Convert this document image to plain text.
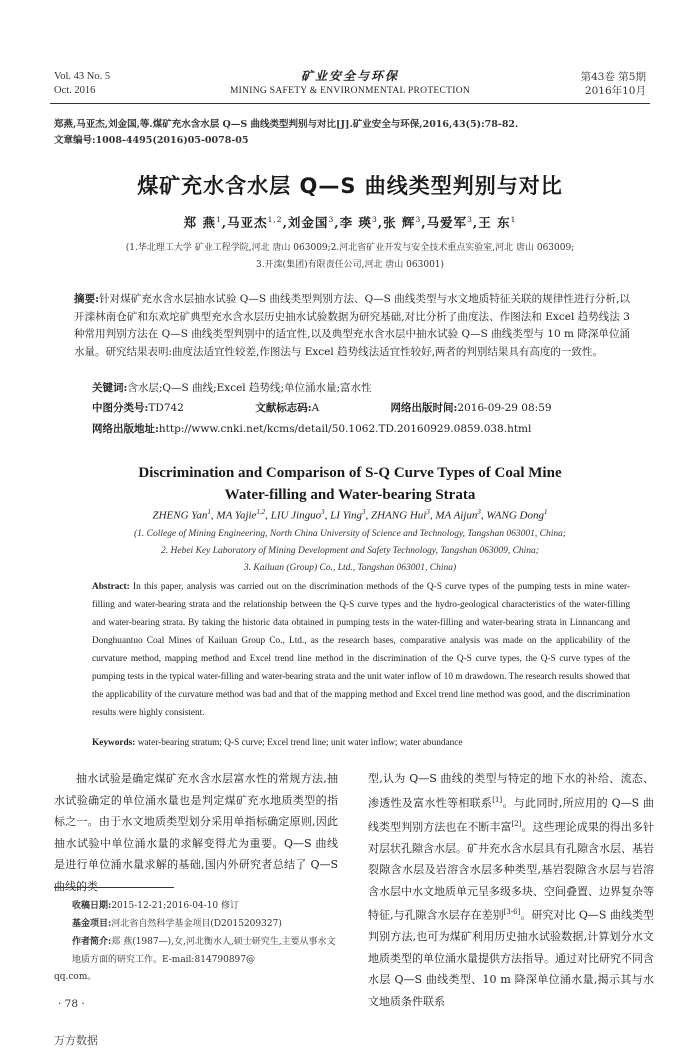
Vol. 43 No. 5
Oct. 2016
矿业安全与环保
MINING SAFETY & ENVIRONMENTAL PROTECTION
第43卷 第5期
2016年10月
郑燕,马亚杰,刘金国,等.煤矿充水含水层 Q—S 曲线类型判别与对比[J].矿业安全与环保,2016,43(5):78-82.
文章编号:1008-4495(2016)05-0078-05
煤矿充水含水层 Q—S 曲线类型判别与对比
郑 燕$^1$,马亚杰$^{1,2}$,刘金国$^3$,李 瑛$^3$,张 辉$^3$,马爱军$^3$,王 东$^1$
(1.华北理工大学 矿业工程学院,河北 唐山 063009;2.河北省矿业开发与安全技术重点实验室,河北 唐山 063009;
3.开滦(集团)有限责任公司,河北 唐山 063001)
摘要:针对煤矿充水含水层抽水试验 Q—S 曲线类型判别方法、Q—S 曲线类型与水文地质特征关联的规律性进行分析,以开滦林南仓矿和东欢坨矿典型充水含水层历史抽水试验数据为研究基础,对比分析了曲度法、作图法和 Excel 趋势线法 3 种常用判别方法在 Q—S 曲线类型判别中的适宜性,以及典型充水含水层中抽水试验 Q—S 曲线类型与 10 m 降深单位涌水量。研究结果表明:曲度法适宜性较差,作图法与 Excel 趋势线法适宜性较好,两者的判别结果具有高度的一致性。
关键词:含水层;Q—S 曲线;Excel 趋势线;单位涌水量;富水性
中图分类号:TD742	文献标志码:A	网络出版时间:2016-09-29 08:59
网络出版地址:http://www.cnki.net/kcms/detail/50.1062.TD.20160929.0859.038.html
Discrimination and Comparison of S-Q Curve Types of Coal Mine
Water-filling and Water-bearing Strata
ZHENG Yan$^1$, MA Yajie$^{1,2}$, LIU Jinguo$^3$, LI Ying$^3$, ZHANG Hui$^3$, MA Aijun$^3$, WANG Dong$^1$
(1. College of Mining Engineering, North China University of Science and Technology, Tangshan 063001, China;
2. Hebei Key Laboratory of Mining Development and Safety Technology, Tangshan 063009, China;
3. Kailuan (Group) Co., Ltd., Tangshan 063001, China)
Abstract: In this paper, analysis was carried out on the discrimination methods of the Q-S curve types of the pumping tests in mine water-filling and water-bearing strata and the relationship between the Q-S curve types and the hydro-geological characteristics of the water-filling and water-bearing strata. By taking the historic data obtained in pumping tests in the water-filling and water-bearing strata in Linnancang and Donghuantuo Coal Mines of Kailuan Group Co., Ltd., as the research bases, comparative analysis was made on the applicability of the curvature method, mapping method and Excel trend line method in the discrimination of the Q-S curve types, the Q-S curve types of the pumping tests in the typical water-filling and water-bearing strata and the unit water inflow of 10 m drawdown. The research results showed that the applicability of the curvature method was bad and that of the mapping method and Excel trend line method was good, and the discrimination results were highly consistent.
Keywords: water-bearing stratum; Q-S curve; Excel trend line; unit water inflow; water abundance
抽水试验是确定煤矿充水含水层富水性的常规方法,抽水试验确定的单位涌水量也是判定煤矿充水地质类型的指标之一。由于水文地质类型划分采用单指标确定原则,因此抽水试验中单位涌水量的求解变得尤为重要。Q—S 曲线是进行单位涌水量求解的基础,国内外研究者总结了 Q—S 曲线的类
型,认为 Q—S 曲线的类型与特定的地下水的补给、流态、渗透性及富水性等相联系[1]。与此同时,所应用的 Q—S 曲线类型判别方法也在不断丰富[2]。这些理论成果的得出多针对层状孔隙含水层。矿井充水含水层具有孔隙含水层、基岩裂隙含水层及岩溶含水层多种类型,基岩裂隙含水层与岩溶含水层中水文地质单元呈多级多块、空间叠置、边界复杂等特征,与孔隙含水层存在差别[3-6]。研究对比 Q—S 曲线类型判别方法,也可为煤矿利用历史抽水试验数据,计算划分水文地质类型的单位涌水量提供方法指导。通过对比研究不同含水层 Q—S 曲线类型、10 m 降深单位涌水量,揭示其与水文地质条件联系
收稿日期:2015-12-21;2016-04-10 修订
基金项目:河北省自然科学基金项目(D2015209327)
作者简介:郑 燕(1987—),女,河北衡水人,硕士研究生,主要从事水文地质方面的研究工作。E-mail:814790897@
qq.com。
· 78 ·
万方数据
